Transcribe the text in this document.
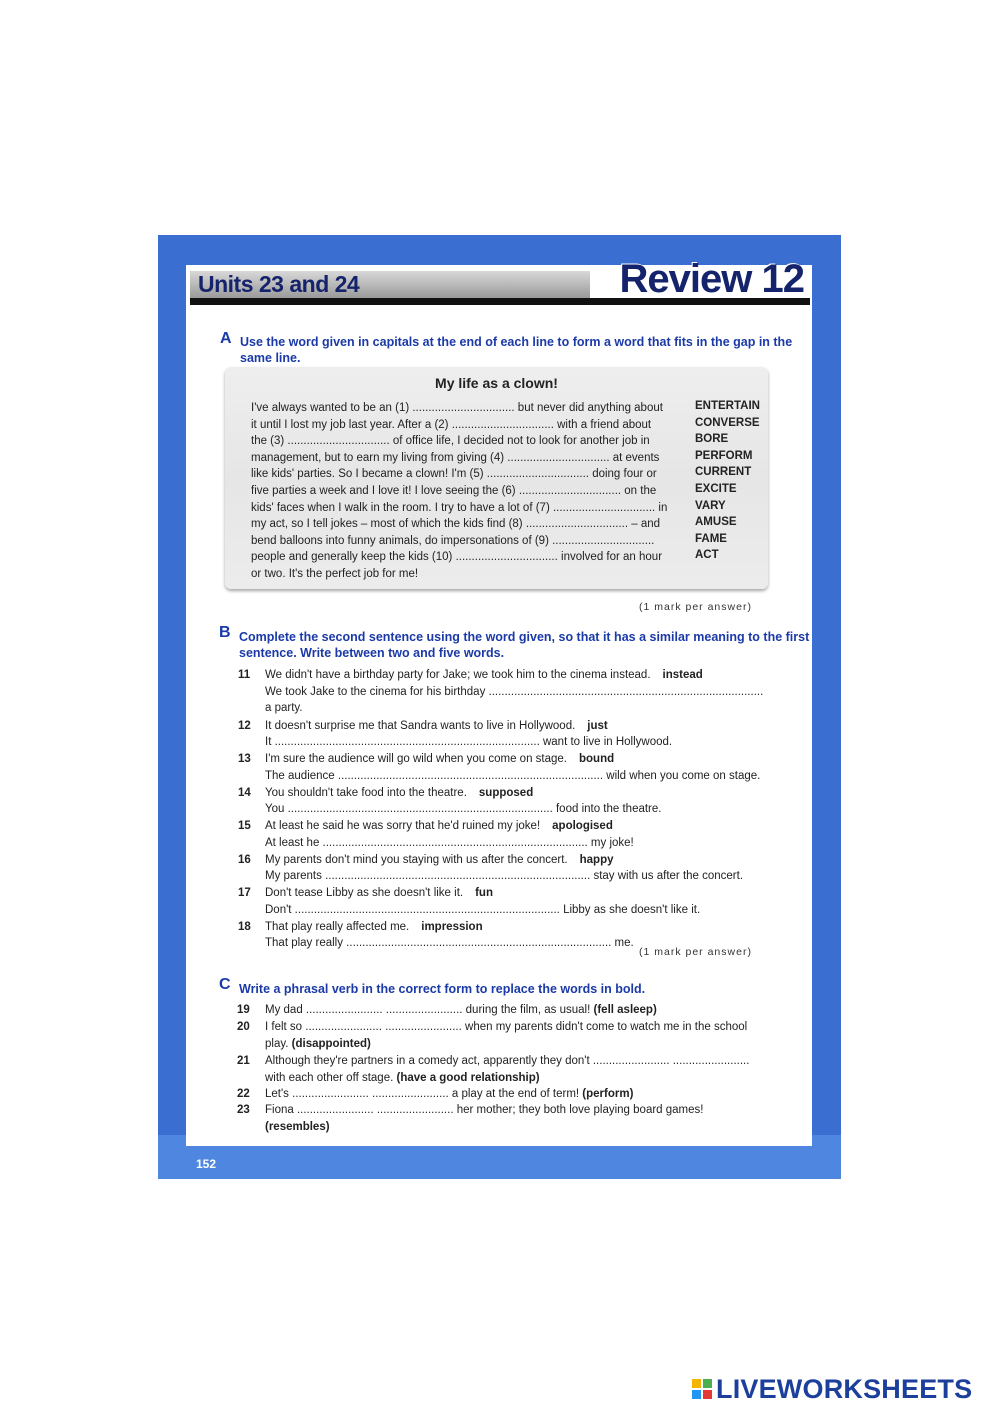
152
Units 23 and 24	Review 12
A Use the word given in capitals at the end of each line to form a word that fits in the gap in the
same line.
My life as a clown!
I've always wanted to be an (1) ................................ but never did anything about
it until I lost my job last year. After a (2) ................................ with a friend about
the (3) ................................ of office life, I decided not to look for another job in
management, but to earn my living from giving (4) ................................ at events
like kids' parties. So I became a clown! I'm (5) ................................ doing four or
five parties a week and I love it! I love seeing the (6) ................................ on the
kids' faces when I walk in the room. I try to have a lot of (7) ................................ in
my act, so I tell jokes – most of which the kids find (8) ................................ – and
bend balloons into funny animals, do impersonations of (9) ................................
people and generally keep the kids (10) ................................ involved for an hour
or two. It's the perfect job for me!
ENTERTAIN
CONVERSE
BORE
PERFORM
CURRENT
EXCITE
VARY
AMUSE
FAME
ACT
(1 mark per answer)
B Complete the second sentence using the word given, so that it has a similar meaning to the first
sentence. Write between two and five words.
11 We didn't have a birthday party for Jake; we took him to the cinema instead. instead
We took Jake to the cinema for his birthday ......................................................................................
a party.
12 It doesn't surprise me that Sandra wants to live in Hollywood. just
It ................................................................................... want to live in Hollywood.
13 I'm sure the audience will go wild when you come on stage. bound
The audience ................................................................................... wild when you come on stage.
14 You shouldn't take food into the theatre. supposed
You ................................................................................... food into the theatre.
15 At least he said he was sorry that he'd ruined my joke! apologised
At least he ................................................................................... my joke!
16 My parents don't mind you staying with us after the concert. happy
My parents ................................................................................... stay with us after the concert.
17 Don't tease Libby as she doesn't like it. fun
Don't ................................................................................... Libby as she doesn't like it.
18 That play really affected me. impression
That play really ................................................................................... me.
(1 mark per answer)
C Write a phrasal verb in the correct form to replace the words in bold.
19 My dad ........................ ........................ during the film, as usual! (fell asleep)
20 I felt so ........................ ........................ when my parents didn't come to watch me in the school
play. (disappointed)
21 Although they're partners in a comedy act, apparently they don't ........................ ........................
with each other off stage. (have a good relationship)
22 Let's ........................ ........................ a play at the end of term! (perform)
23 Fiona ........................ ........................ her mother; they both love playing board games!
(resembles)
LIVEWORKSHEETS
